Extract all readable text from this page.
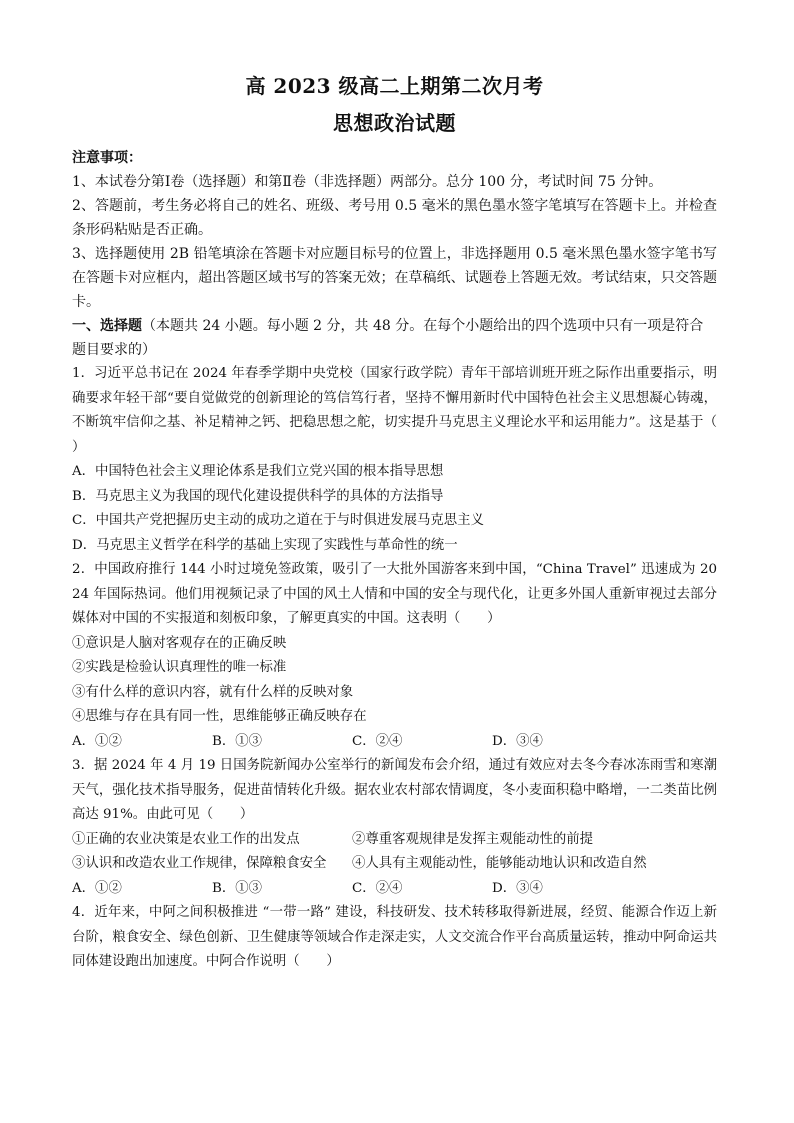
高 2023 级高二上期第二次月考
思想政治试题

注意事项：

1、本试卷分第Ⅰ卷（选择题）和第Ⅱ卷（非选择题）两部分。总分 100 分，考试时间 75 分钟。

2、答题前，考生务必将自己的姓名、班级、考号用 0.5 毫米的黑色墨水签字笔填写在答题卡上。并检查条形码粘贴是否正确。

3、选择题使用 2B 铅笔填涂在答题卡对应题目标号的位置上，非选择题用 0.5 毫米黑色墨水签字笔书写在答题卡对应框内，超出答题区域书写的答案无效；在草稿纸、试题卷上答题无效。考试结束，只交答题卡。

一、选择题（本题共 24 小题。每小题 2 分，共 48 分。在每个小题给出的四个选项中只有一项是符合题目要求的）

1．习近平总书记在 2024 年春季学期中央党校（国家行政学院）青年干部培训班开班之际作出重要指示，明确要求年轻干部“要自觉做党的创新理论的笃信笃行者，坚持不懈用新时代中国特色社会主义思想凝心铸魂，不断筑牢信仰之基、补足精神之钙、把稳思想之舵，切实提升马克思主义理论水平和运用能力”。这是基于（　　）

A．中国特色社会主义理论体系是我们立党兴国的根本指导思想

B．马克思主义为我国的现代化建设提供科学的具体的方法指导

C．中国共产党把握历史主动的成功之道在于与时俱进发展马克思主义

D．马克思主义哲学在科学的基础上实现了实践性与革命性的统一

2．中国政府推行 144 小时过境免签政策，吸引了一大批外国游客来到中国，“China Travel” 迅速成为 2024 年国际热词。他们用视频记录了中国的风土人情和中国的安全与现代化，让更多外国人重新审视过去部分媒体对中国的不实报道和刻板印象，了解更真实的中国。这表明（　　）

①意识是人脑对客观存在的正确反映

②实践是检验认识真理性的唯一标准

③有什么样的意识内容，就有什么样的反映对象

④思维与存在具有同一性，思维能够正确反映存在

A．①②	B．①③	C．②④	D．③④

3．据 2024 年 4 月 19 日国务院新闻办公室举行的新闻发布会介绍，通过有效应对去冬今春冰冻雨雪和寒潮天气，强化技术指导服务，促进苗情转化升级。据农业农村部农情调度，冬小麦面积稳中略增，一二类苗比例高达 91%。由此可见（　　）

①正确的农业决策是农业工作的出发点	②尊重客观规律是发挥主观能动性的前提
③认识和改造农业工作规律，保障粮食安全	④人具有主观能动性，能够能动地认识和改造自然
A．①②	B．①③	C．②④	D．③④

4．近年来，中阿之间积极推进 “一带一路” 建设，科技研发、技术转移取得新进展，经贸、能源合作迈上新台阶，粮食安全、绿色创新、卫生健康等领域合作走深走实，人文交流合作平台高质量运转，推动中阿命运共同体建设跑出加速度。中阿合作说明（　　）
